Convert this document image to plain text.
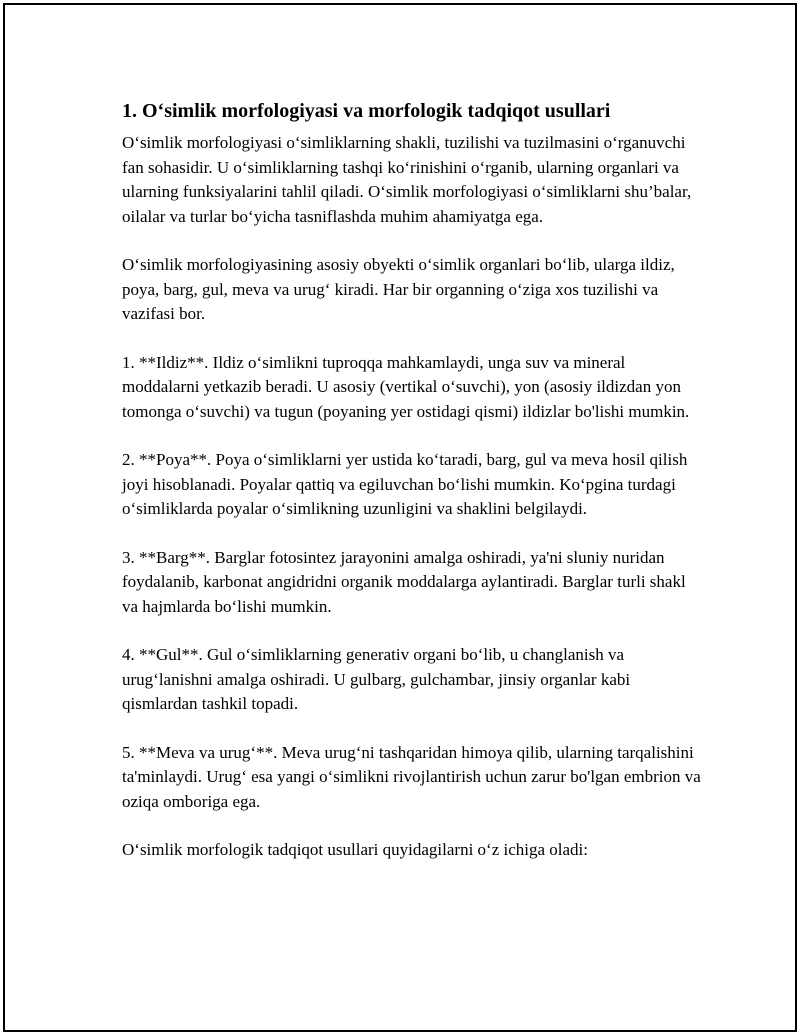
1. O‘simlik morfologiyasi va morfologik tadqiqot usullari

O‘simlik morfologiyasi o‘simliklarning shakli, tuzilishi va tuzilmasini o‘rganuvchi fan sohasidir. U o‘simliklarning tashqi ko‘rinishini o‘rganib, ularning organlari va ularning funksiyalarini tahlil qiladi. O‘simlik morfologiyasi o‘simliklarni shu’balar, oilalar va turlar bo‘yicha tasniflashda muhim ahamiyatga ega.

O‘simlik morfologiyasining asosiy obyekti o‘simlik organlari bo‘lib, ularga ildiz, poya, barg, gul, meva va urug‘ kiradi. Har bir organning o‘ziga xos tuzilishi va vazifasi bor.

1. **Ildiz**. Ildiz o‘simlikni tuproqqa mahkamlaydi, unga suv va mineral moddalarni yetkazib beradi. U asosiy (vertikal o‘suvchi), yon (asosiy ildizdan yon tomonga o‘suvchi) va tugun (poyaning yer ostidagi qismi) ildizlar bo'lishi mumkin.

2. **Poya**. Poya o‘simliklarni yer ustida ko‘taradi, barg, gul va meva hosil qilish joyi hisoblanadi. Poyalar qattiq va egiluvchan bo‘lishi mumkin. Ko‘pgina turdagi o‘simliklarda poyalar o‘simlikning uzunligini va shaklini belgilaydi.

3. **Barg**. Barglar fotosintez jarayonini amalga oshiradi, ya'ni sluniy nuridan foydalanib, karbonat angidridni organik moddalarga aylantiradi. Barglar turli shakl va hajmlarda bo‘lishi mumkin.

4. **Gul**. Gul o‘simliklarning generativ organi bo‘lib, u changlanish va urug‘lanishni amalga oshiradi. U gulbarg, gulchambar, jinsiy organlar kabi qismlardan tashkil topadi.

5. **Meva va urug‘**. Meva urug‘ni tashqaridan himoya qilib, ularning tarqalishini ta'minlaydi. Urug‘ esa yangi o‘simlikni rivojlantirish uchun zarur bo'lgan embrion va oziqa omboriga ega.

O‘simlik morfologik tadqiqot usullari quyidagilarni o‘z ichiga oladi:
